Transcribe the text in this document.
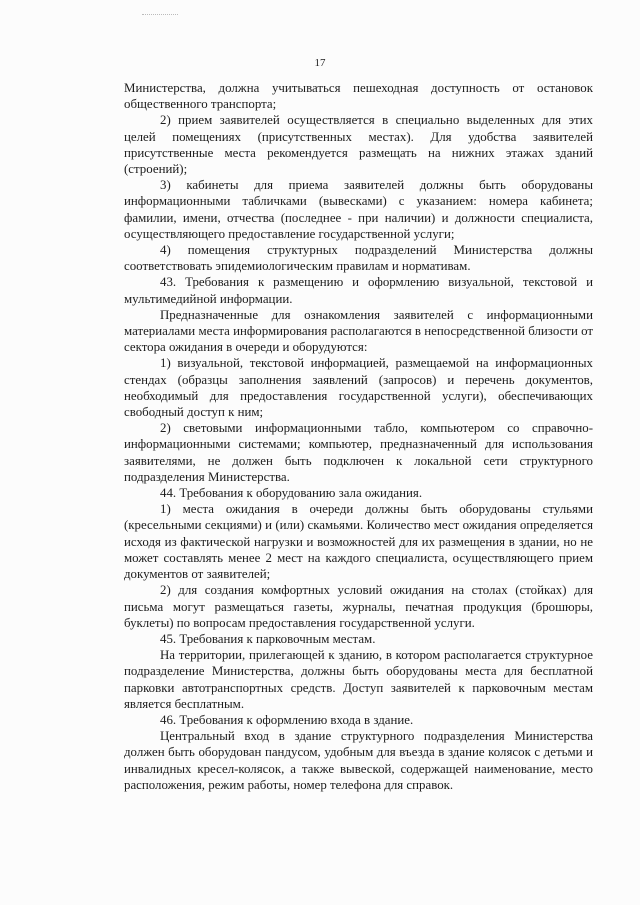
17

Министерства, должна учитываться пешеходная доступность от остановок общественного транспорта;

2) прием заявителей осуществляется в специально выделенных для этих целей помещениях (присутственных местах). Для удобства заявителей присутственные места рекомендуется размещать на нижних этажах зданий (строений);

3) кабинеты для приема заявителей должны быть оборудованы информационными табличками (вывесками) с указанием: номера кабинета; фамилии, имени, отчества (последнее - при наличии) и должности специалиста, осуществляющего предоставление государственной услуги;

4) помещения структурных подразделений Министерства должны соответствовать эпидемиологическим правилам и нормативам.

43. Требования к размещению и оформлению визуальной, текстовой и мультимедийной информации.

Предназначенные для ознакомления заявителей с информационными материалами места информирования располагаются в непосредственной близости от сектора ожидания в очереди и оборудуются:

1) визуальной, текстовой информацией, размещаемой на информационных стендах (образцы заполнения заявлений (запросов) и перечень документов, необходимый для предоставления государственной услуги), обеспечивающих свободный доступ к ним;

2) световыми информационными табло, компьютером со справочно-информационными системами; компьютер, предназначенный для использования заявителями, не должен быть подключен к локальной сети структурного подразделения Министерства.

44. Требования к оборудованию зала ожидания.

1) места ожидания в очереди должны быть оборудованы стульями (кресельными секциями) и (или) скамьями. Количество мест ожидания определяется исходя из фактической нагрузки и возможностей для их размещения в здании, но не может составлять менее 2 мест на каждого специалиста, осуществляющего прием документов от заявителей;

2) для создания комфортных условий ожидания на столах (стойках) для письма могут размещаться газеты, журналы, печатная продукция (брошюры, буклеты) по вопросам предоставления государственной услуги.

45. Требования к парковочным местам.

На территории, прилегающей к зданию, в котором располагается структурное подразделение Министерства, должны быть оборудованы места для бесплатной парковки автотранспортных средств. Доступ заявителей к парковочным местам является бесплатным.

46. Требования к оформлению входа в здание.

Центральный вход в здание структурного подразделения Министерства должен быть оборудован пандусом, удобным для въезда в здание колясок с детьми и инвалидных кресел-колясок, а также вывеской, содержащей наименование, место расположения, режим работы, номер телефона для справок.
